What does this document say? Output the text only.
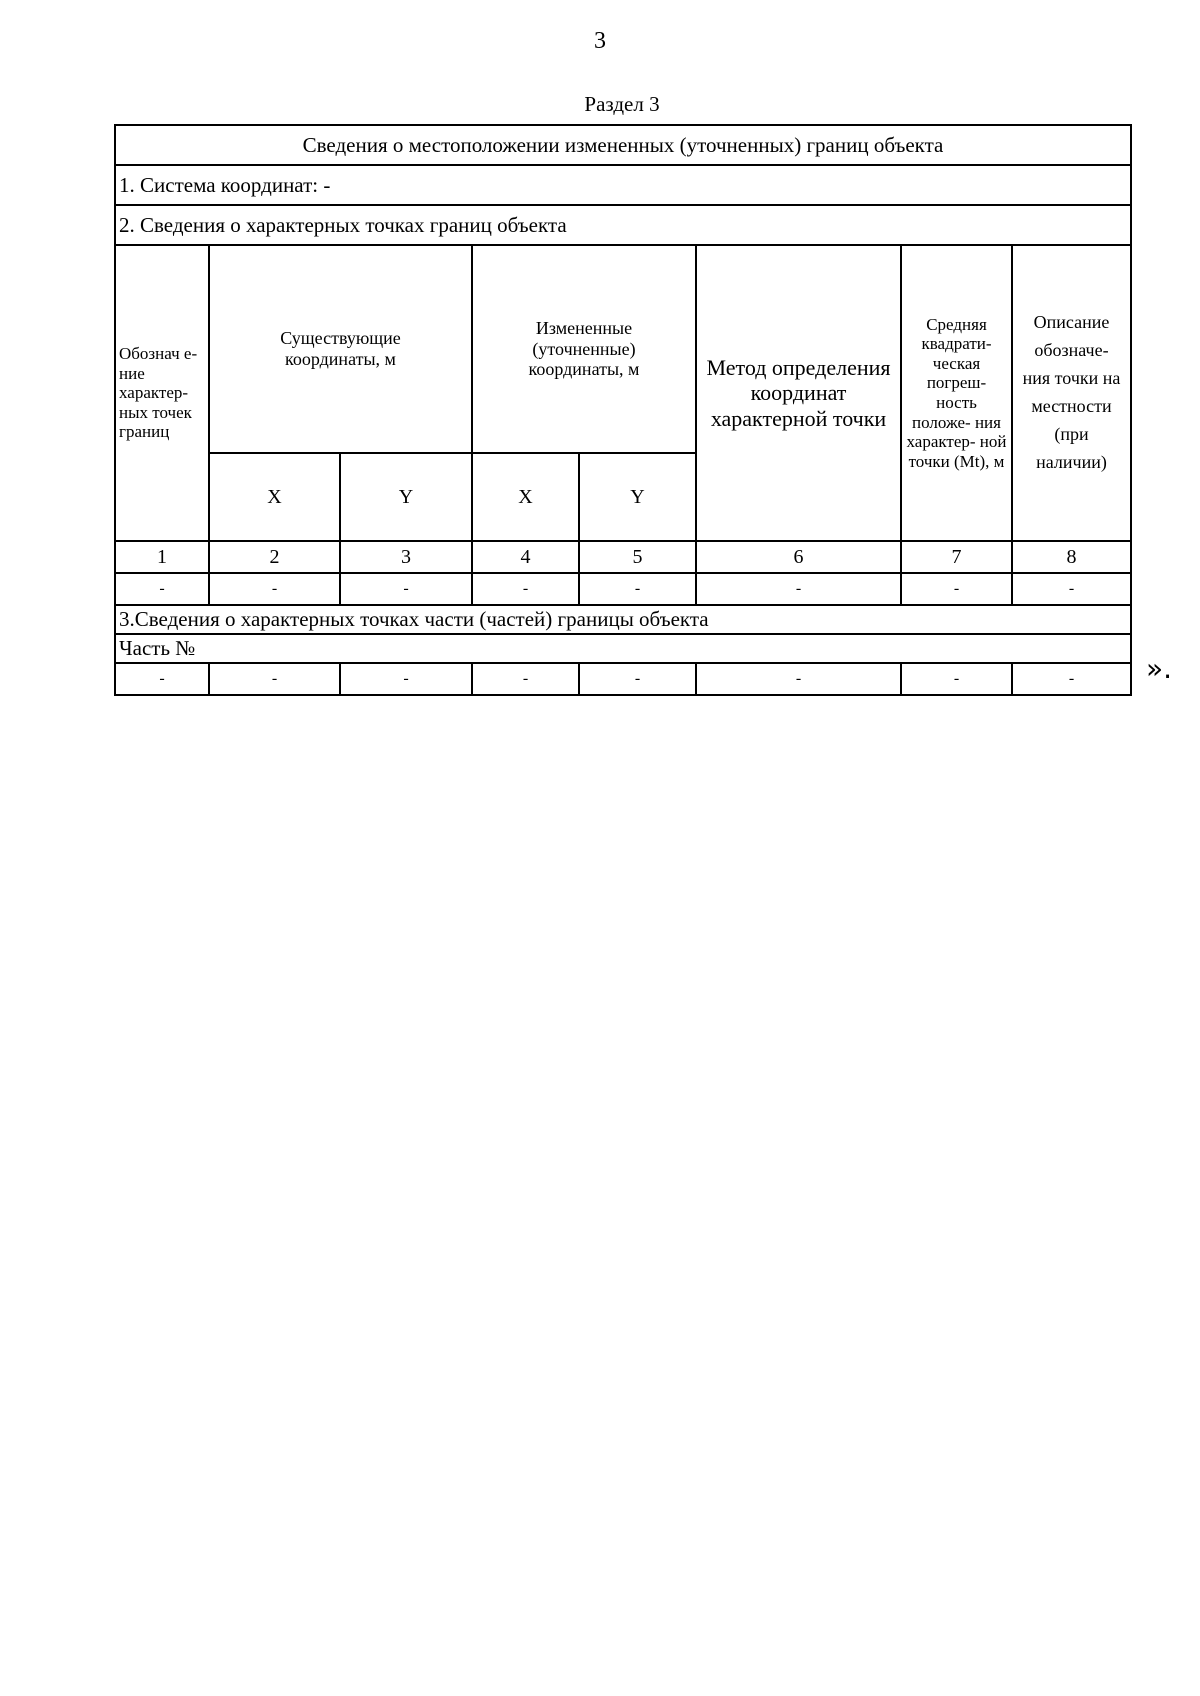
3
Раздел 3
Сведения о местоположении измененных (уточненных) границ объекта							
1. Система координат: -							
2. Сведения о характерных точках границ объекта							
Обознач е-ние характер- ных точек границ	Существующие координаты, м		Измененные (уточненные) координаты, м		Метод определения координат характерной точки	Средняя квадрати- ческая погреш- ность положе- ния характер- ной точки (Mt), м	Описание обозначе- ния точки на местности (при наличии)
	X	Y	X	Y			
1	2	3	4	5	6	7	8
-	-	-	-	-	-	-	-
3.Сведения о характерных точках части (частей) границы объекта							
Часть №							
-	-	-	-	-	-	-	-	».
